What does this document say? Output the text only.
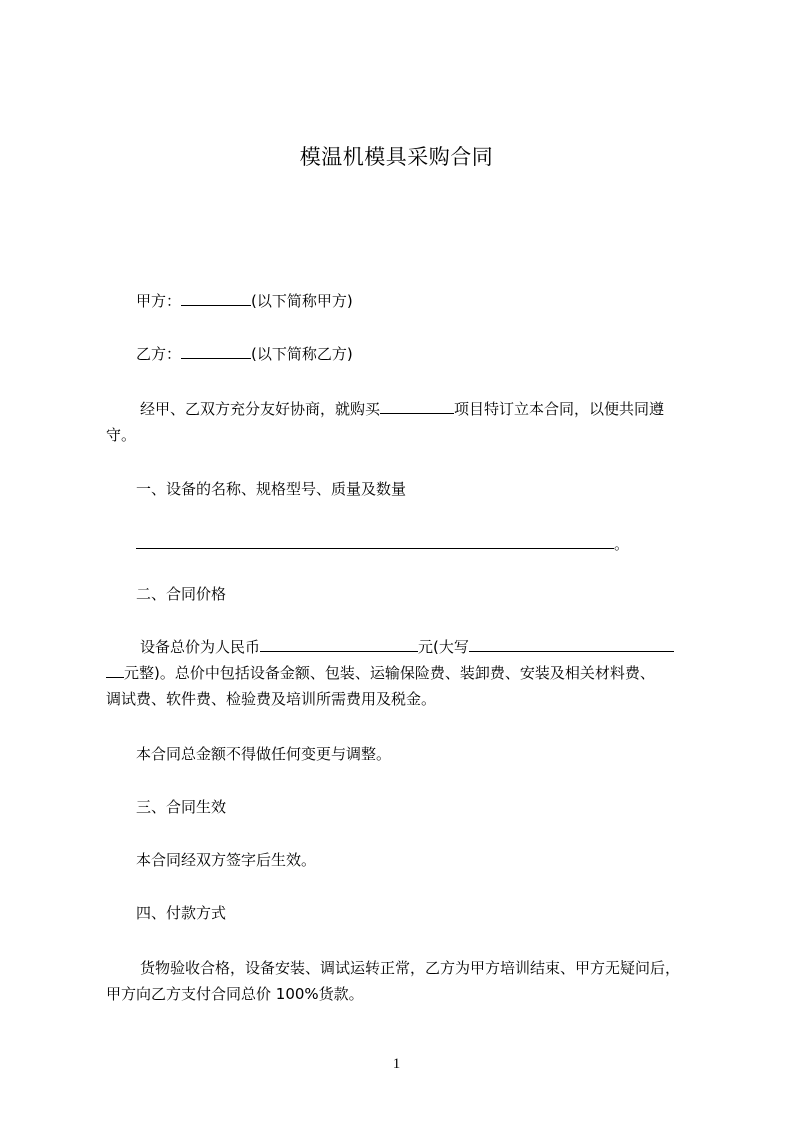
模温机模具采购合同
甲方：	(以下简称甲方)
乙方：	(以下简称乙方)
经甲、乙双方充分友好协商，就购买	项目特订立本合同，以便共同遵
守。
一、设备的名称、规格型号、质量及数量
。
二、合同价格
设备总价为人民币	元(大写
元整)。总价中包括设备金额、包装、运输保险费、装卸费、安装及相关材料费、
调试费、软件费、检验费及培训所需费用及税金。
本合同总金额不得做任何变更与调整。
三、合同生效
本合同经双方签字后生效。
四、付款方式
货物验收合格，设备安装、调试运转正常，乙方为甲方培训结束、甲方无疑问后，
甲方向乙方支付合同总价 100%货款。
1
